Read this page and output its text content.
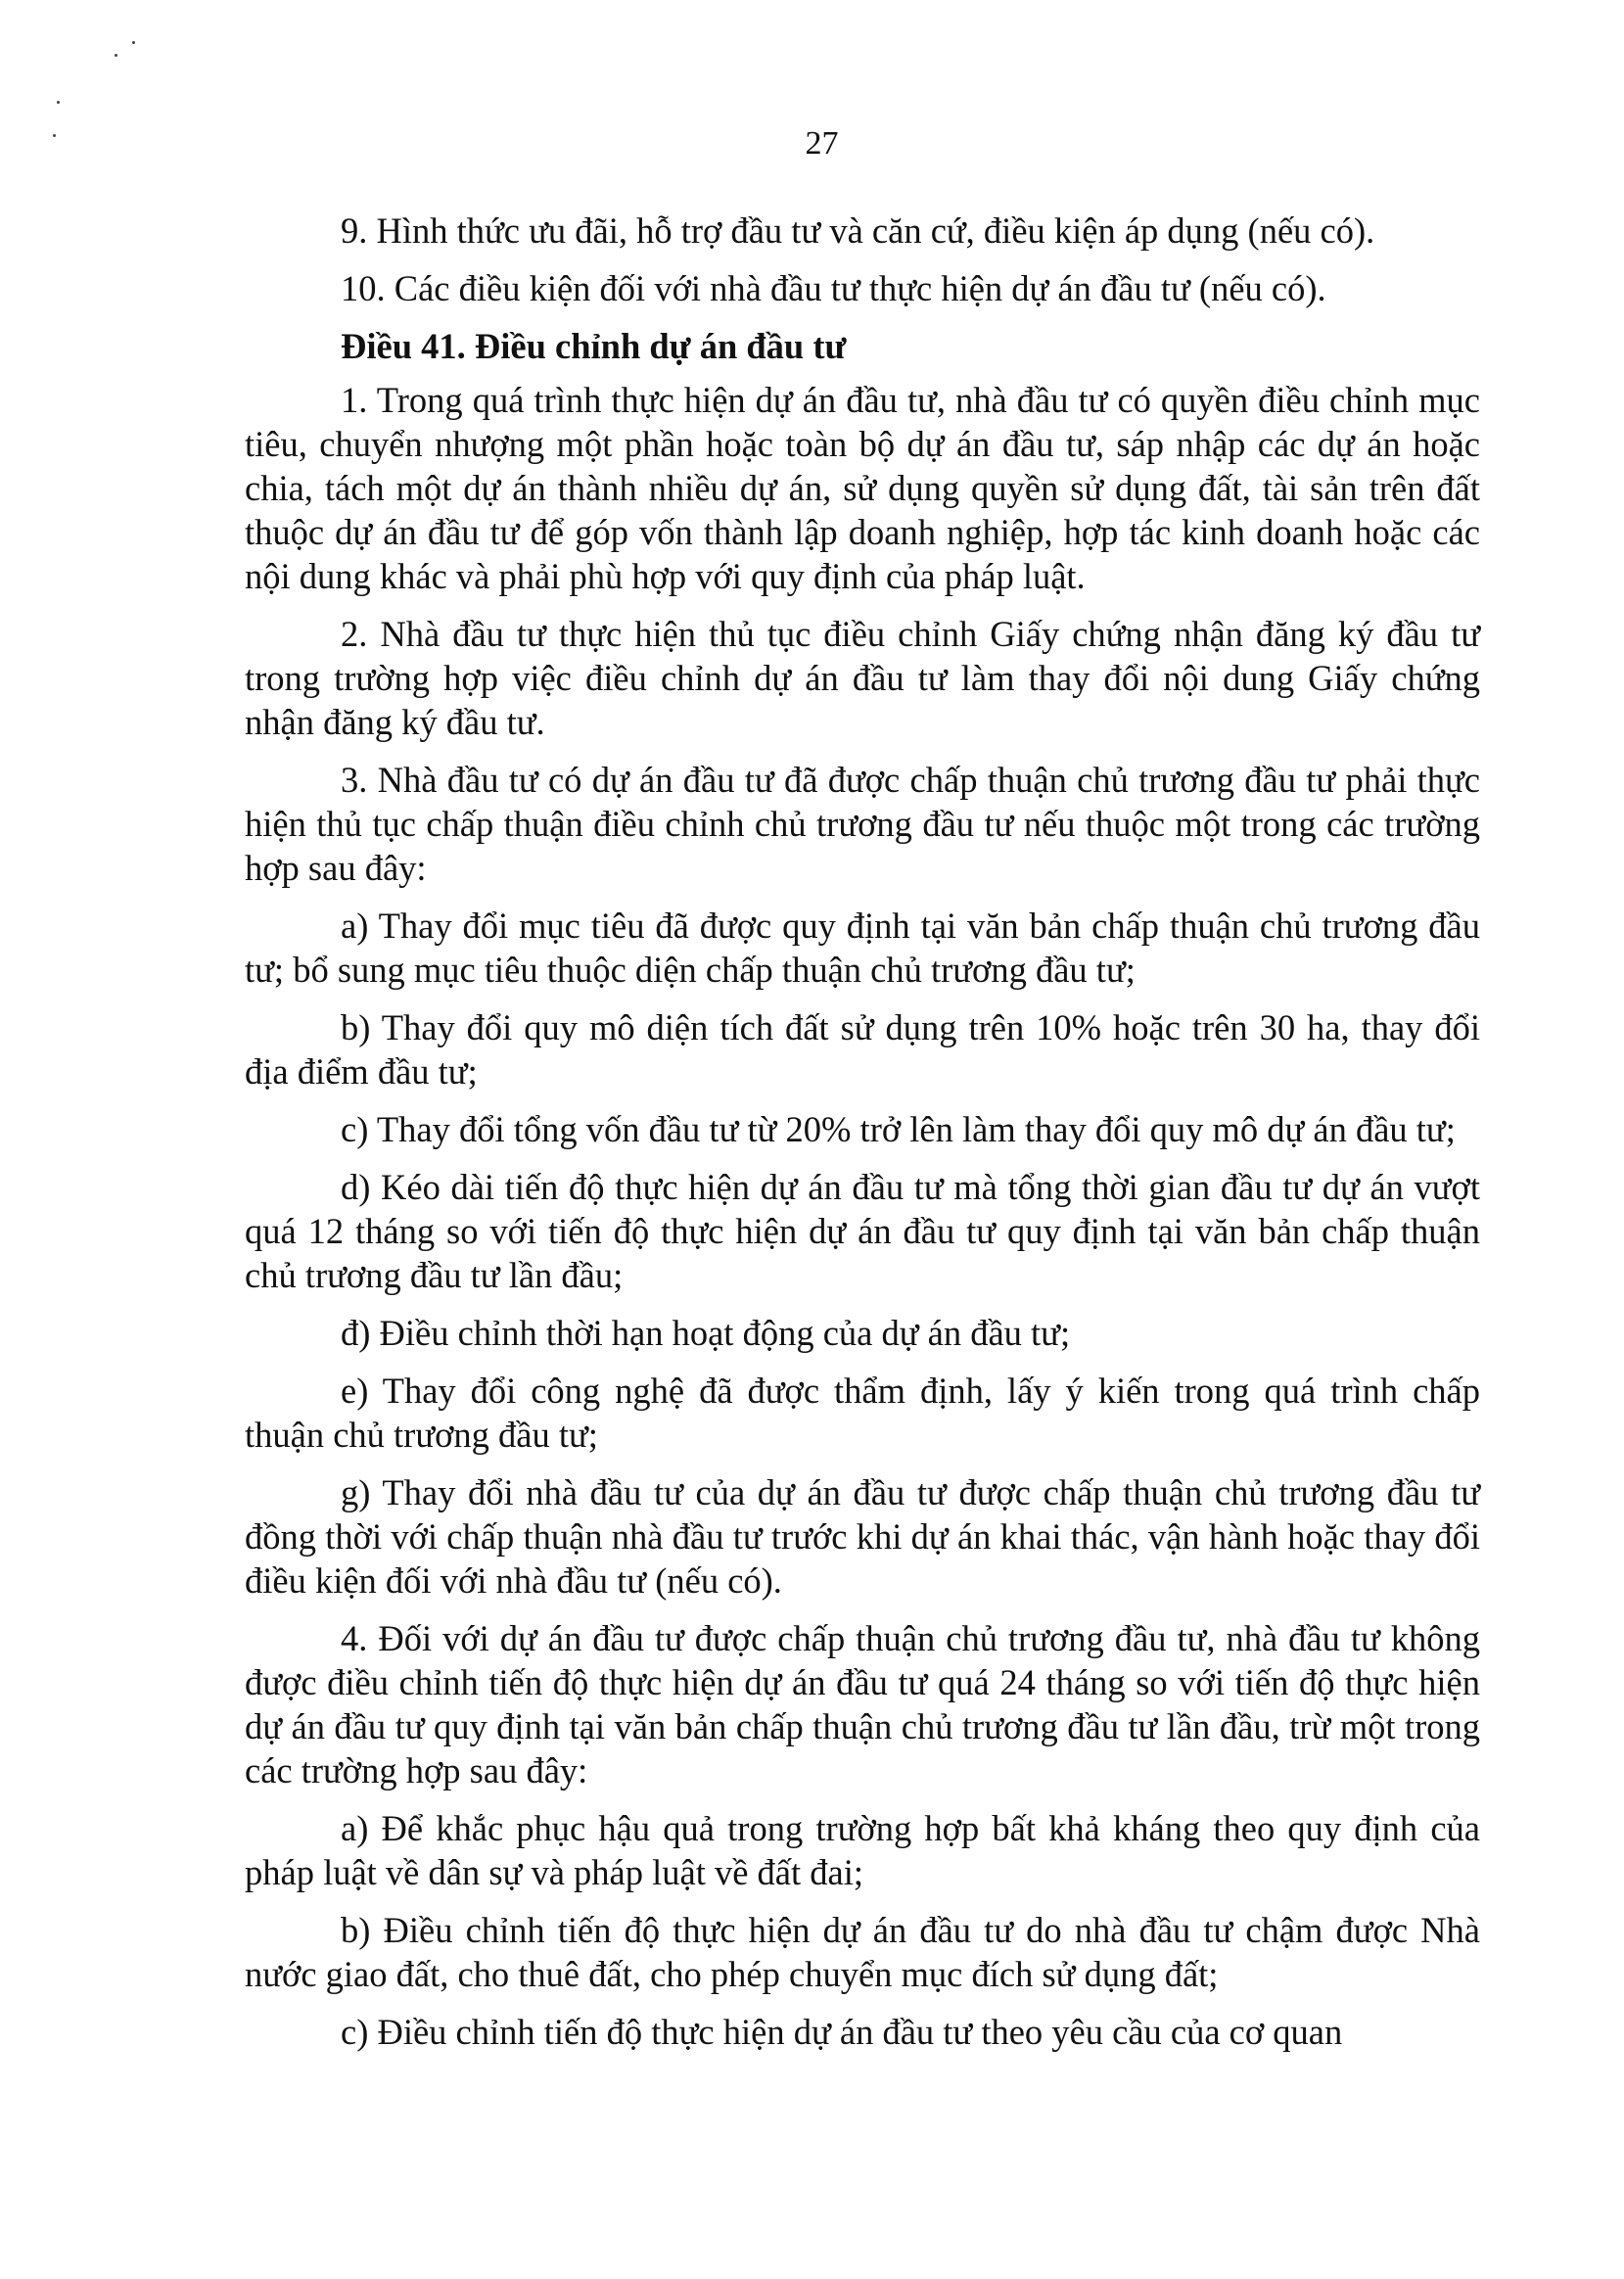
27

9. Hình thức ưu đãi, hỗ trợ đầu tư và căn cứ, điều kiện áp dụng (nếu có).

10. Các điều kiện đối với nhà đầu tư thực hiện dự án đầu tư (nếu có).

Điều 41. Điều chỉnh dự án đầu tư

1. Trong quá trình thực hiện dự án đầu tư, nhà đầu tư có quyền điều chỉnh mục tiêu, chuyển nhượng một phần hoặc toàn bộ dự án đầu tư, sáp nhập các dự án hoặc chia, tách một dự án thành nhiều dự án, sử dụng quyền sử dụng đất, tài sản trên đất thuộc dự án đầu tư để góp vốn thành lập doanh nghiệp, hợp tác kinh doanh hoặc các nội dung khác và phải phù hợp với quy định của pháp luật.

2. Nhà đầu tư thực hiện thủ tục điều chỉnh Giấy chứng nhận đăng ký đầu tư trong trường hợp việc điều chỉnh dự án đầu tư làm thay đổi nội dung Giấy chứng nhận đăng ký đầu tư.

3. Nhà đầu tư có dự án đầu tư đã được chấp thuận chủ trương đầu tư phải thực hiện thủ tục chấp thuận điều chỉnh chủ trương đầu tư nếu thuộc một trong các trường hợp sau đây:

a) Thay đổi mục tiêu đã được quy định tại văn bản chấp thuận chủ trương đầu tư; bổ sung mục tiêu thuộc diện chấp thuận chủ trương đầu tư;

b) Thay đổi quy mô diện tích đất sử dụng trên 10% hoặc trên 30 ha, thay đổi địa điểm đầu tư;

c) Thay đổi tổng vốn đầu tư từ 20% trở lên làm thay đổi quy mô dự án đầu tư;

d) Kéo dài tiến độ thực hiện dự án đầu tư mà tổng thời gian đầu tư dự án vượt quá 12 tháng so với tiến độ thực hiện dự án đầu tư quy định tại văn bản chấp thuận chủ trương đầu tư lần đầu;

đ) Điều chỉnh thời hạn hoạt động của dự án đầu tư;

e) Thay đổi công nghệ đã được thẩm định, lấy ý kiến trong quá trình chấp thuận chủ trương đầu tư;

g) Thay đổi nhà đầu tư của dự án đầu tư được chấp thuận chủ trương đầu tư đồng thời với chấp thuận nhà đầu tư trước khi dự án khai thác, vận hành hoặc thay đổi điều kiện đối với nhà đầu tư (nếu có).

4. Đối với dự án đầu tư được chấp thuận chủ trương đầu tư, nhà đầu tư không được điều chỉnh tiến độ thực hiện dự án đầu tư quá 24 tháng so với tiến độ thực hiện dự án đầu tư quy định tại văn bản chấp thuận chủ trương đầu tư lần đầu, trừ một trong các trường hợp sau đây:

a) Để khắc phục hậu quả trong trường hợp bất khả kháng theo quy định của pháp luật về dân sự và pháp luật về đất đai;

b) Điều chỉnh tiến độ thực hiện dự án đầu tư do nhà đầu tư chậm được Nhà nước giao đất, cho thuê đất, cho phép chuyển mục đích sử dụng đất;

c) Điều chỉnh tiến độ thực hiện dự án đầu tư theo yêu cầu của cơ quan
